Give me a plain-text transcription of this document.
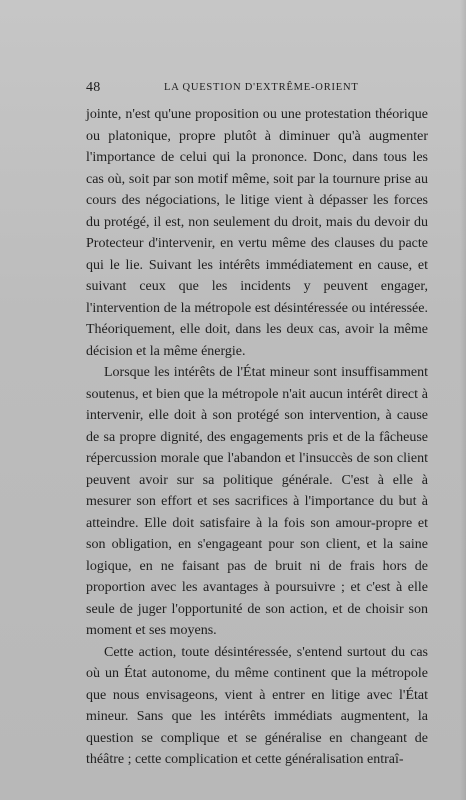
48	LA QUESTION D'EXTRÊME-ORIENT

jointe, n'est qu'une proposition ou une protestation théorique ou platonique, propre plutôt à diminuer qu'à augmenter l'importance de celui qui la prononce. Donc, dans tous les cas où, soit par son motif même, soit par la tournure prise au cours des négociations, le litige vient à dépasser les forces du protégé, il est, non seulement du droit, mais du devoir du Protecteur d'intervenir, en vertu même des clauses du pacte qui le lie. Suivant les intérêts immédiatement en cause, et suivant ceux que les incidents y peuvent engager, l'intervention de la métropole est désintéressée ou intéressée. Théoriquement, elle doit, dans les deux cas, avoir la même décision et la même énergie.

Lorsque les intérêts de l'État mineur sont insuffisamment soutenus, et bien que la métropole n'ait aucun intérêt direct à intervenir, elle doit à son protégé son intervention, à cause de sa propre dignité, des engagements pris et de la fâcheuse répercussion morale que l'abandon et l'insuccès de son client peuvent avoir sur sa politique générale. C'est à elle à mesurer son effort et ses sacrifices à l'importance du but à atteindre. Elle doit satisfaire à la fois son amour-propre et son obligation, en s'engageant pour son client, et la saine logique, en ne faisant pas de bruit ni de frais hors de proportion avec les avantages à poursuivre ; et c'est à elle seule de juger l'opportunité de son action, et de choisir son moment et ses moyens.

Cette action, toute désintéressée, s'entend surtout du cas où un État autonome, du même continent que la métropole que nous envisageons, vient à entrer en litige avec l'État mineur. Sans que les intérêts immédiats augmentent, la question se complique et se généralise en changeant de théâtre ; cette complication et cette généralisation entraî-
